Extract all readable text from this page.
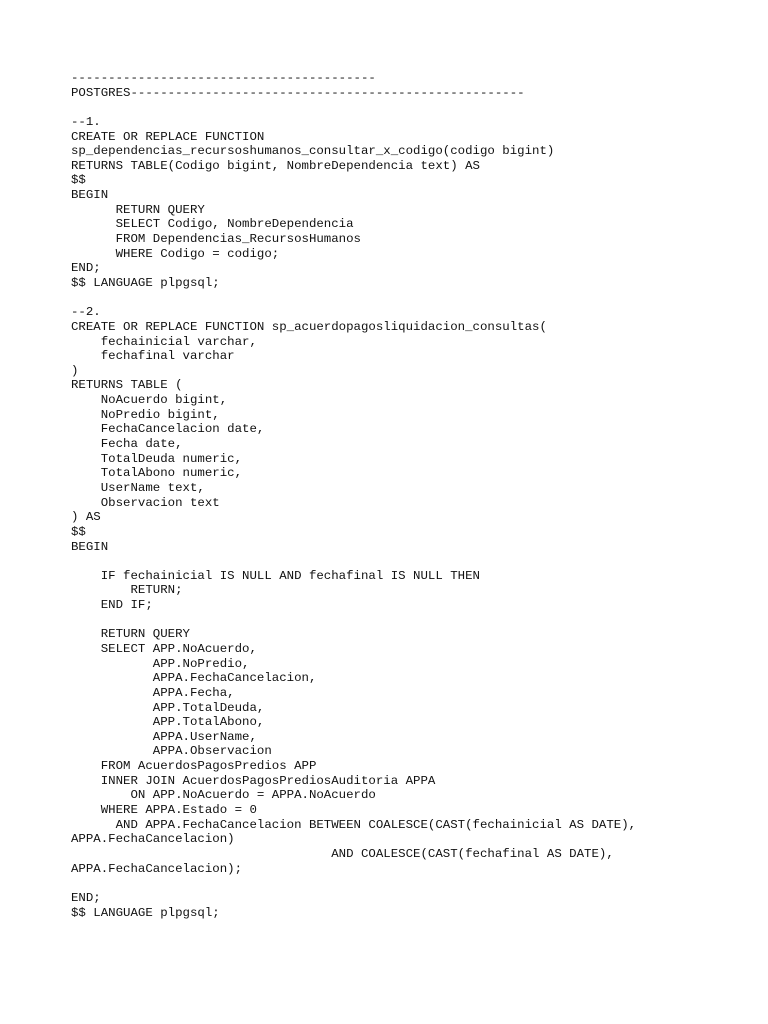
-----------------------------------------
POSTGRES-----------------------------------------------------
--1.
CREATE OR REPLACE FUNCTION
sp_dependencias_recursoshumanos_consultar_x_codigo(codigo bigint)
RETURNS TABLE(Codigo bigint, NombreDependencia text) AS
$$
BEGIN
RETURN QUERY
SELECT Codigo, NombreDependencia
FROM Dependencias_RecursosHumanos
WHERE Codigo = codigo;
END;
$$ LANGUAGE plpgsql;
--2.
CREATE OR REPLACE FUNCTION sp_acuerdopagosliquidacion_consultas(
fechainicial varchar,
fechafinal varchar
)
RETURNS TABLE (
NoAcuerdo bigint,
NoPredio bigint,
FechaCancelacion date,
Fecha date,
TotalDeuda numeric,
TotalAbono numeric,
UserName text,
Observacion text
) AS
$$
BEGIN
IF fechainicial IS NULL AND fechafinal IS NULL THEN
RETURN;
END IF;
RETURN QUERY
SELECT APP.NoAcuerdo,
APP.NoPredio,
APPA.FechaCancelacion,
APPA.Fecha,
APP.TotalDeuda,
APP.TotalAbono,
APPA.UserName,
APPA.Observacion
FROM AcuerdosPagosPredios APP
INNER JOIN AcuerdosPagosPrediosAuditoria APPA
ON APP.NoAcuerdo = APPA.NoAcuerdo
WHERE APPA.Estado = 0
AND APPA.FechaCancelacion BETWEEN COALESCE(CAST(fechainicial AS DATE),
APPA.FechaCancelacion)
AND COALESCE(CAST(fechafinal AS DATE),
APPA.FechaCancelacion);
END;
$$ LANGUAGE plpgsql;
